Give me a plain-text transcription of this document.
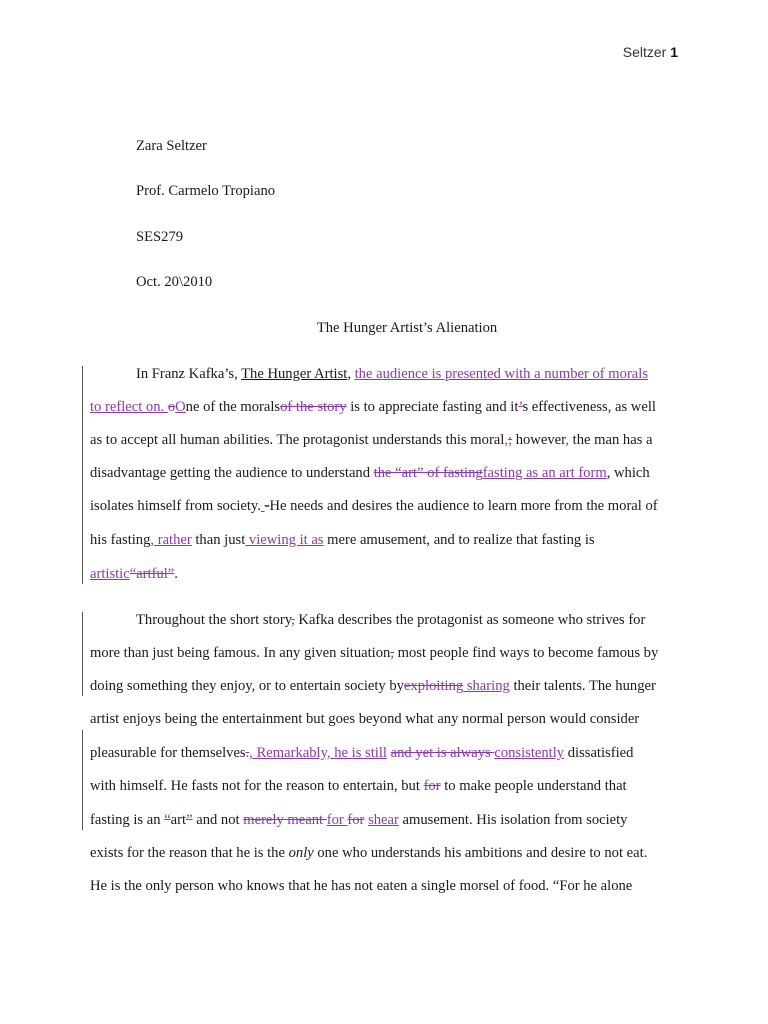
Seltzer 1
Zara Seltzer
Prof. Carmelo Tropiano
SES279
Oct. 20\2010
The Hunger Artist’s Alienation
In Franz Kafka’s, The Hunger Artist, the audience is presented with a number of morals
to reflect on. oOne of the moralsof the story is to appreciate fasting and it’s effectiveness, as well
as to accept all human abilities. The protagonist understands this moral,; however, the man has a
disadvantage getting the audience to understand the “art” of fastingfasting as an art form, which
isolates himself from society. -He needs and desires the audience to learn more from the moral of
his fasting, rather than just viewing it as mere amusement, and to realize that fasting is
artistic“artful”.
Throughout the short story, Kafka describes the protagonist as someone who strives for
more than just being famous. In any given situation, most people find ways to become famous by
doing something they enjoy, or to entertain society byexploiting sharing their talents. The hunger
artist enjoys being the entertainment but goes beyond what any normal person would consider
pleasurable for themselves., Remarkably, he is still and yet is always consistently dissatisfied
with himself. He fasts not for the reason to entertain, but for to make people understand that
fasting is an “art” and not merely meant for for shear amusement. His isolation from society
exists for the reason that he is the only one who understands his ambitions and desire to not eat.
He is the only person who knows that he has not eaten a single morsel of food. “For he alone
